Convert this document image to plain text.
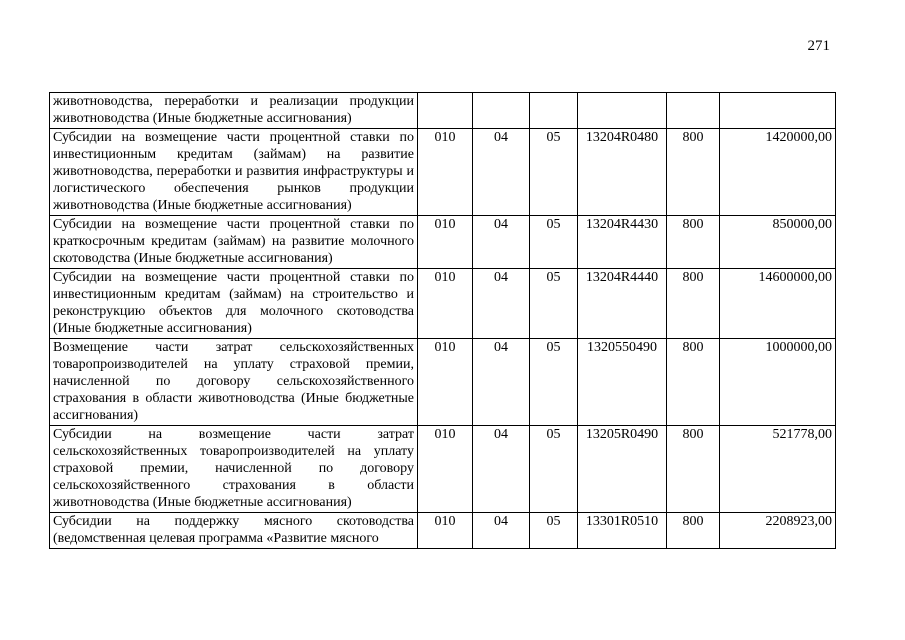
271
животноводства, переработки и реализации продукции животноводства (Иные бюджетные ассигнования)						
Субсидии на возмещение части процентной ставки по инвестиционным кредитам (займам) на развитие животноводства, переработки и развития инфраструктуры и логистического обеспечения рынков продукции животноводства (Иные бюджетные ассигнования)	010	04	05	13204R0480	800	1420000,00
Субсидии на возмещение части процентной ставки по краткосрочным кредитам (займам) на развитие молочного скотоводства (Иные бюджетные ассигнования)	010	04	05	13204R4430	800	850000,00
Субсидии на возмещение части процентной ставки по инвестиционным кредитам (займам) на строительство и реконструкцию объектов для молочного скотоводства (Иные бюджетные ассигнования)	010	04	05	13204R4440	800	14600000,00
Возмещение части затрат сельскохозяйственных товаропроизводителей на уплату страховой премии, начисленной по договору сельскохозяйственного страхования в области животноводства (Иные бюджетные ассигнования)	010	04	05	1320550490	800	1000000,00
Субсидии на возмещение части затрат сельскохозяйственных товаропроизводителей на уплату страховой премии, начисленной по договору сельскохозяйственного страхования в области животноводства (Иные бюджетные ассигнования)	010	04	05	13205R0490	800	521778,00
Субсидии на поддержку мясного скотоводства (ведомственная целевая программа «Развитие мясного	010	04	05	13301R0510	800	2208923,00
